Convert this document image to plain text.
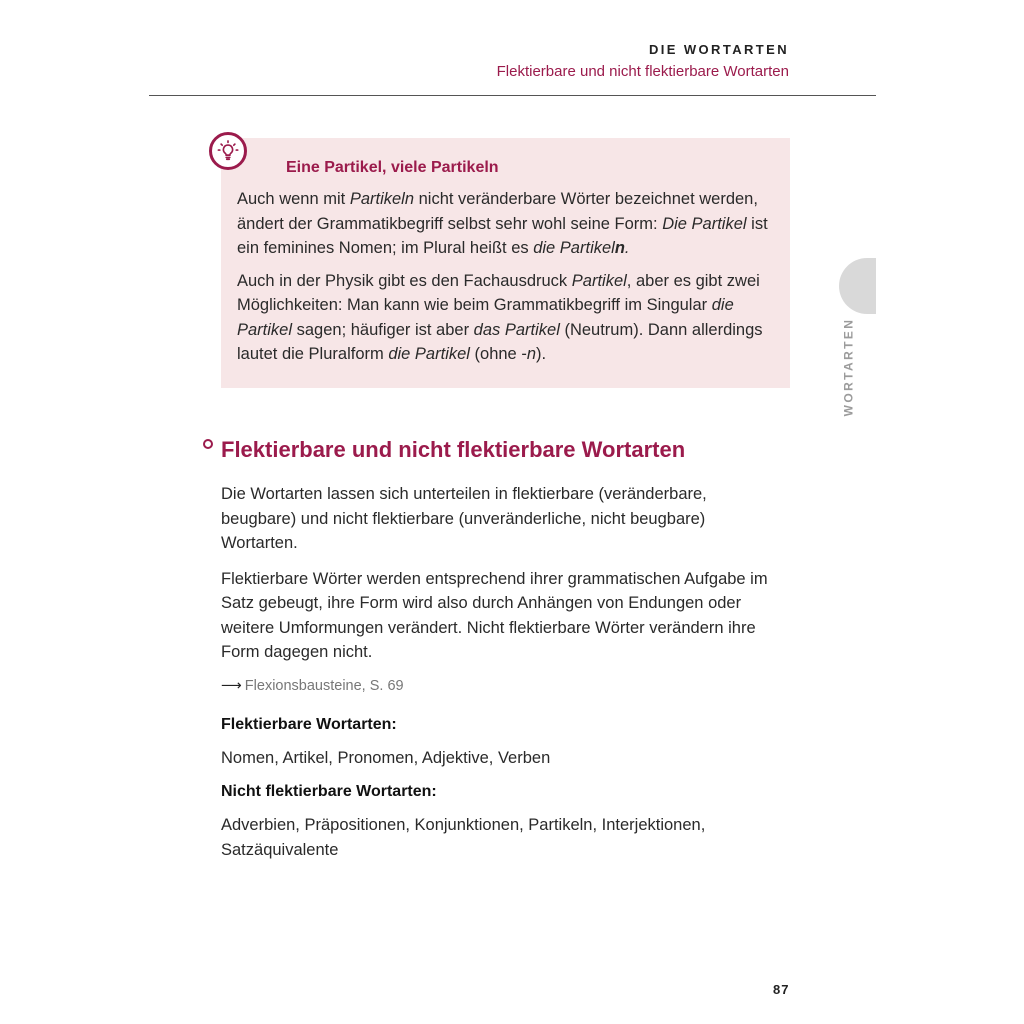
DIE WORTARTEN
Flektierbare und nicht flektierbare Wortarten
Eine Partikel, viele Partikeln

Auch wenn mit Partikeln nicht veränderbare Wörter bezeichnet werden, ändert der Grammatikbegriff selbst sehr wohl seine Form: Die Partikel ist ein feminines Nomen; im Plural heißt es die Partikeln.

Auch in der Physik gibt es den Fachausdruck Partikel, aber es gibt zwei Möglichkeiten: Man kann wie beim Grammatikbegriff im Singular die Partikel sagen; häufiger ist aber das Partikel (Neutrum). Dann allerdings lautet die Pluralform die Partikel (ohne -n).	WORTARTEN
Flektierbare und nicht flektierbare Wortarten

Die Wortarten lassen sich unterteilen in flektierbare (veränderbare, beugbare) und nicht flektierbare (unveränderliche, nicht beugbare) Wortarten.

Flektierbare Wörter werden entsprechend ihrer grammatischen Aufgabe im Satz gebeugt, ihre Form wird also durch Anhängen von Endungen oder weitere Umformungen verändert. Nicht flektierbare Wörter verändern ihre Form dagegen nicht.

⟶ Flexionsbausteine, S. 69

Flektierbare Wortarten:

Nomen, Artikel, Pronomen, Adjektive, Verben

Nicht flektierbare Wortarten:

Adverbien, Präpositionen, Konjunktionen, Partikeln, Interjektionen, Satzäquivalente

87
